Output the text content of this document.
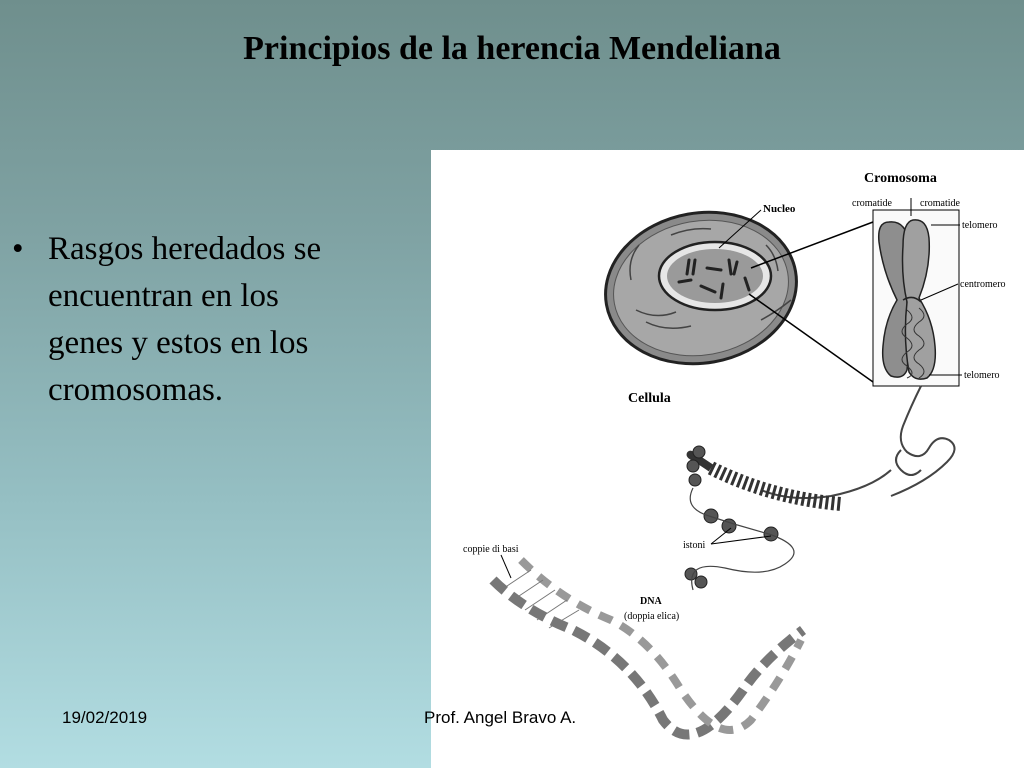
Principios de la herencia Mendeliana
• Rasgos heredados se encuentran en los genes y estos en los cromosomas.
Nucleo
Cellula
Cromosoma
cromatide	cromatide
telomero
centromero
telomero
istoni
coppie di basi
DNA
(doppia elica)
19/02/2019	Prof. Angel Bravo A.
